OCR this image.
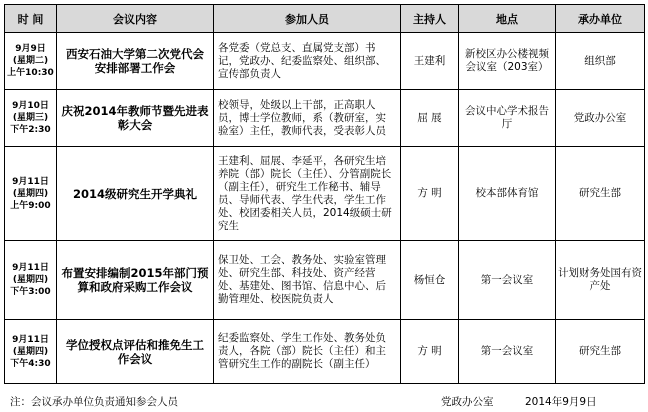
时 间	会议内容	参加人员	主持人	地点	承办单位

9月9日
(星期二)
上午10:30	西安石油大学第二次党代会安排部署工作会	各党委（党总支、直属党支部）书记，党政办、纪委监察处、组织部、宣传部负责人	王建利	新校区办公楼视频会议室（203室）	组织部

9月10日
(星期三)
下午2:30	庆祝2014年教师节暨先进表彰大会	校领导，处级以上干部，正高职人员，博士学位教师，系（教研室，实验室）主任，教师代表，受表彰人员	屈 展	会议中心学术报告厅	党政办公室

9月11日
(星期四)
上午9:00	2014级研究生开学典礼	王建利、屈展、李延平，各研究生培养院（部）院长（主任）、分管副院长（副主任），研究生工作秘书、辅导员、导师代表、学生代表，学生工作处、校团委相关人员，2014级硕士研究生	方 明	校本部体育馆	研究生部

9月11日
(星期四)
下午3:00	布置安排编制2015年部门预算和政府采购工作会议	保卫处、工会、教务处、实验室管理处、研究生部、科技处、资产经营处、基建处、图书馆、信息中心、后勤管理处、校医院负责人	杨恒仓	第一会议室	计划财务处国有资产处

9月11日
(星期四)
下午4:30	学位授权点评估和推免生工作会议	纪委监察处、学生工作处、教务处负责人，各院（部）院长（主任）和主管研究生工作的副院长（副主任）	方 明	第一会议室	研究生部
注：会议承办单位负责通知参会人员	党政办公室	2014年9月9日
